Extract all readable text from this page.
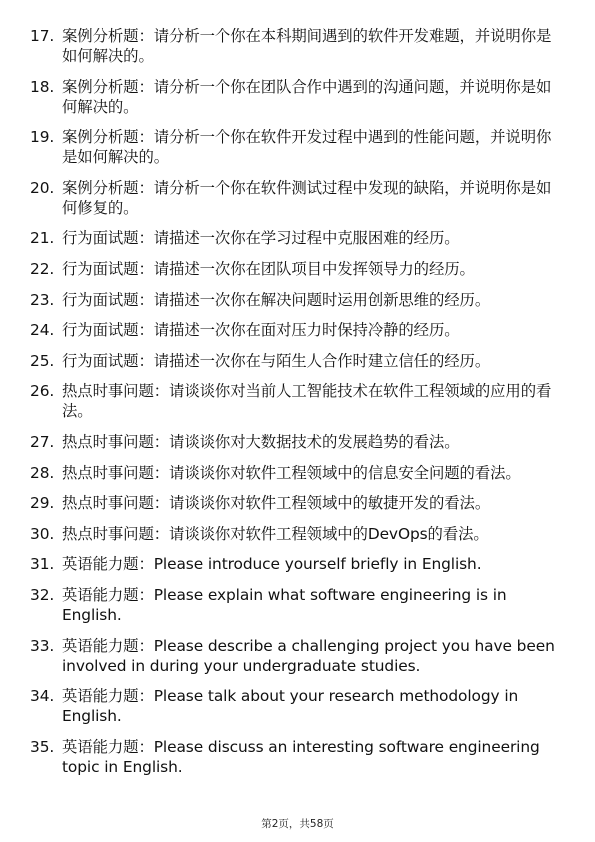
17. 案例分析题：请分析一个你在本科期间遇到的软件开发难题，并说明你是如何解决的。
18. 案例分析题：请分析一个你在团队合作中遇到的沟通问题，并说明你是如何解决的。
19. 案例分析题：请分析一个你在软件开发过程中遇到的性能问题，并说明你是如何解决的。
20. 案例分析题：请分析一个你在软件测试过程中发现的缺陷，并说明你是如何修复的。
21. 行为面试题：请描述一次你在学习过程中克服困难的经历。
22. 行为面试题：请描述一次你在团队项目中发挥领导力的经历。
23. 行为面试题：请描述一次你在解决问题时运用创新思维的经历。
24. 行为面试题：请描述一次你在面对压力时保持冷静的经历。
25. 行为面试题：请描述一次你在与陌生人合作时建立信任的经历。
26. 热点时事问题：请谈谈你对当前人工智能技术在软件工程领域的应用的看法。
27. 热点时事问题：请谈谈你对大数据技术的发展趋势的看法。
28. 热点时事问题：请谈谈你对软件工程领域中的信息安全问题的看法。
29. 热点时事问题：请谈谈你对软件工程领域中的敏捷开发的看法。
30. 热点时事问题：请谈谈你对软件工程领域中的DevOps的看法。
31. 英语能力题：Please introduce yourself briefly in English.
32. 英语能力题：Please explain what software engineering is in English.
33. 英语能力题：Please describe a challenging project you have been involved in during your undergraduate studies.
34. 英语能力题：Please talk about your research methodology in English.
35. 英语能力题：Please discuss an interesting software engineering topic in English.
第2页，共58页
